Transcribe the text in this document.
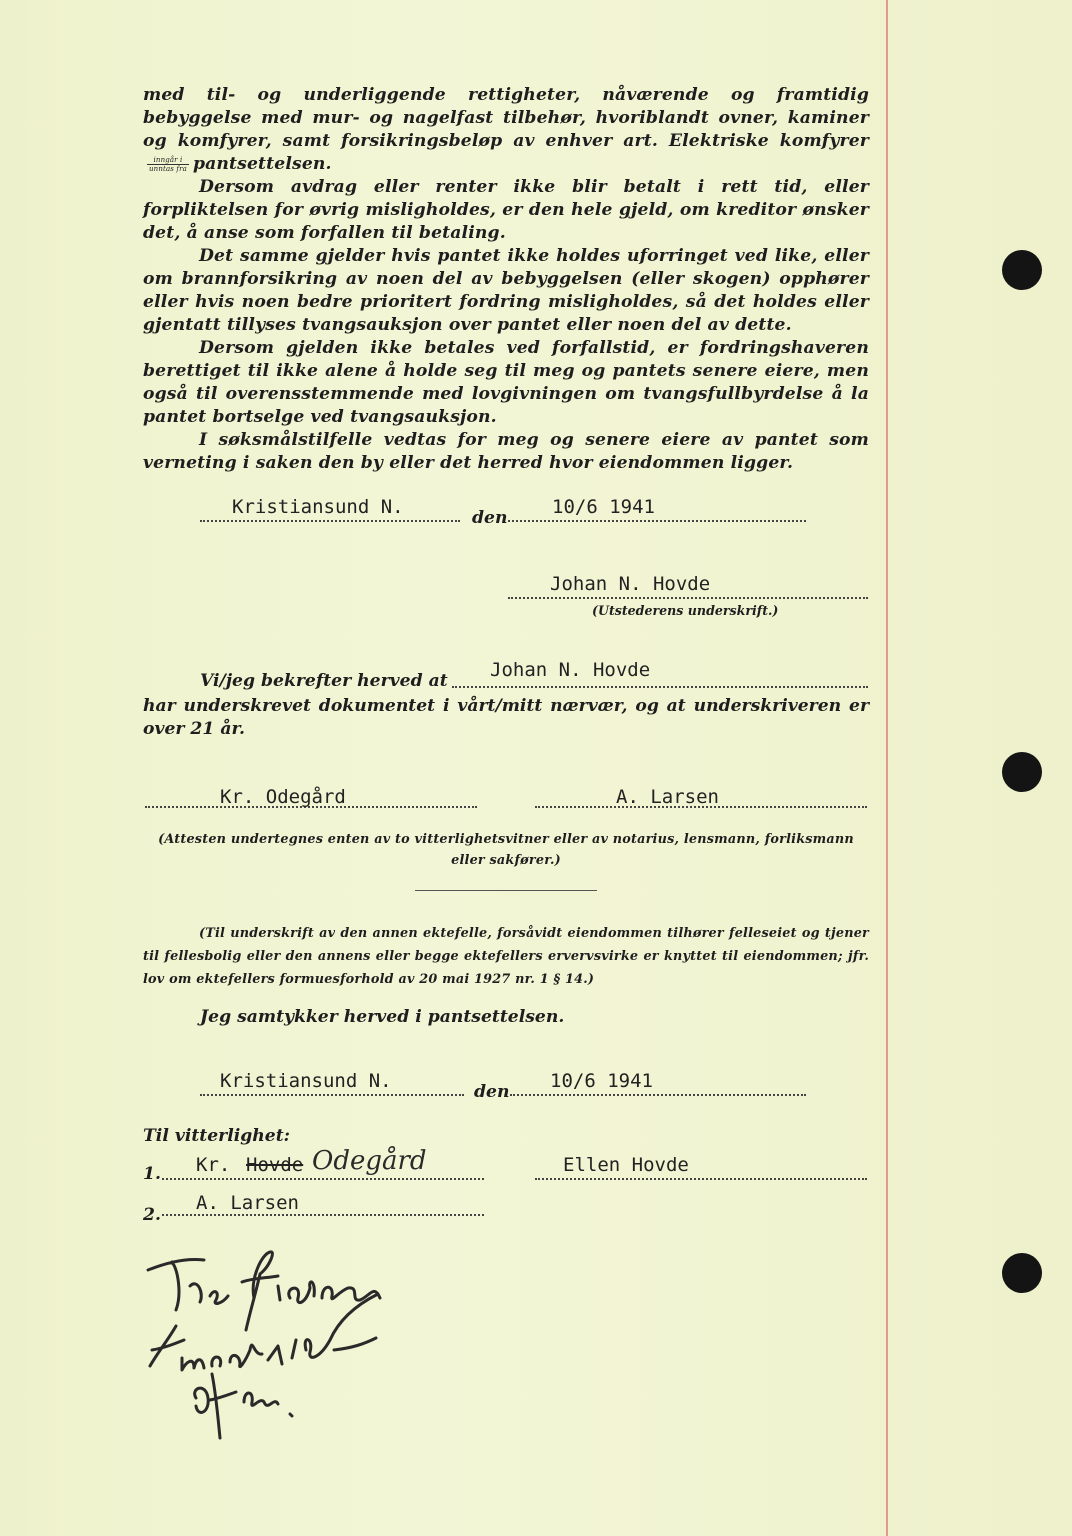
med til- og underliggende rettigheter, nåværende og framtidig bebyggelse med mur- og nagelfast tilbehør, hvoriblandt ovner, kaminer og komfyrer, samt forsikringsbeløp av enhver art. Elektriske komfyrer
$\frac{\text{inngår i}}{\text{unntas fra}}$ pantsettelsen.

Dersom avdrag eller renter ikke blir betalt i rett tid, eller forpliktelsen for øvrig misligholdes, er den hele gjeld, om kreditor ønsker det, å anse som forfallen til betaling.

Det samme gjelder hvis pantet ikke holdes uforringet ved like, eller om brannforsikring av noen del av bebyggelsen (eller skogen) opphører eller hvis noen bedre prioritert fordring misligholdes, så det holdes eller gjentatt tillyses tvangsauksjon over pantet eller noen del av dette.

Dersom gjelden ikke betales ved forfallstid, er fordringshaveren berettiget til ikke alene å holde seg til meg og pantets senere eiere, men også til overensstemmende med lovgivningen om tvangsfullbyrdelse å la pantet bortselge ved tvangsauksjon.

I søksmålstilfelle vedtas for meg og senere eiere av pantet som verneting i saken den by eller det herred hvor eiendommen ligger.

Kristiansund N.	den 10/6 1941
Johan N. Hovde
(Utstederens underskrift.)
Vi/jeg bekrefter herved at Johan N. Hovde
har underskrevet dokumentet i vårt/mitt nærvær, og at underskriveren er over 21 år.
Kr. Odegård	A. Larsen
(Attesten undertegnes enten av to vitterlighetsvitner eller av notarius, lensmann, forliksmann eller sakfører.)
(Til underskrift av den annen ektefelle, forsåvidt eiendommen tilhører felleseiet og tjener til fellesbolig eller den annens eller begge ektefellers ervervsvirke er knyttet til eiendommen; jfr. lov om ektefellers formuesforhold av 20 mai 1927 nr. 1 § 14.)
Jeg samtykker herved i pantsettelsen.
Kristiansund N.	den 10/6 1941
Til vitterlighet:
1. Kr. Hovde Odegård	Ellen Hovde
2.
A. Larsen
Tre fidem
